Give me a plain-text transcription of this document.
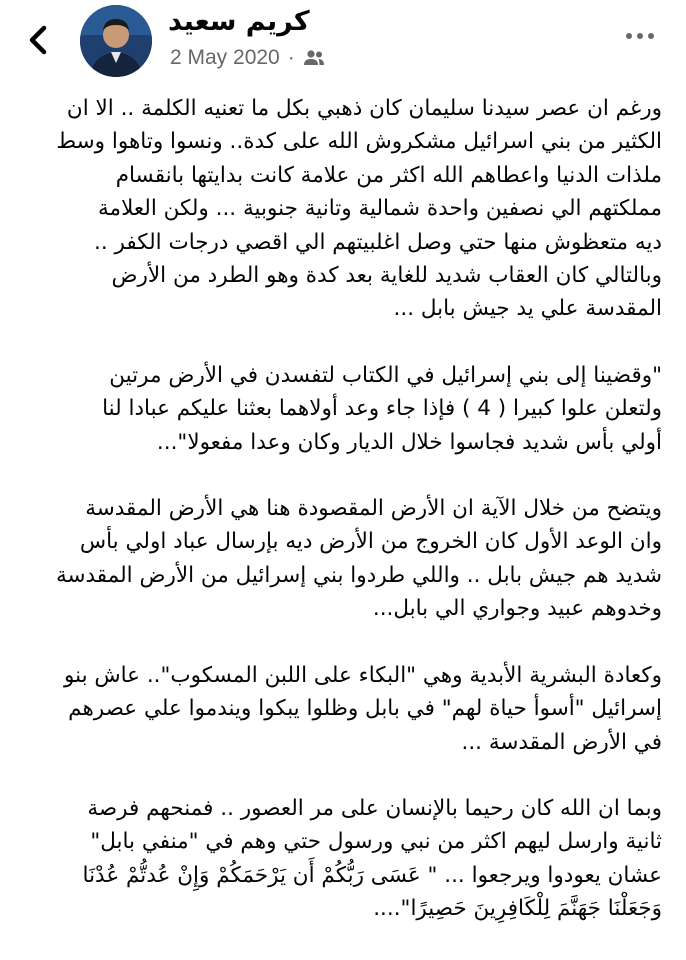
كريم سعيد
2 May 2020 ·

ورغم ان عصر سيدنا سليمان كان ذهبي بكل ما تعنيه الكلمة .. الا ان
الكثير من بني اسرائيل مشكروش الله على كدة.. ونسوا وتاهوا وسط
ملذات الدنيا واعطاهم الله اكثر من علامة كانت بدايتها بانقسام
مملكتهم الي نصفين واحدة شمالية وتانية جنوبية ... ولكن العلامة
ديه متعظوش منها حتي وصل اغلبيتهم الي اقصي درجات الكفر ..
وبالتالي كان العقاب شديد للغاية بعد كدة وهو الطرد من الأرض
المقدسة علي يد جيش بابل ...

"وقضينا إلى بني إسرائيل في الكتاب لتفسدن في الأرض مرتين
ولتعلن علوا كبيرا ( 4 ) فإذا جاء وعد أولاهما بعثنا عليكم عبادا لنا
أولي بأس شديد فجاسوا خلال الديار وكان وعدا مفعولا"...

ويتضح من خلال الآية ان الأرض المقصودة هنا هي الأرض المقدسة
وان الوعد الأول كان الخروج من الأرض ديه بإرسال عباد اولي بأس
شديد هم جيش بابل .. واللي طردوا بني إسرائيل من الأرض المقدسة
وخدوهم عبيد وجواري الي بابل...

وكعادة البشرية الأبدية وهي "البكاء على اللبن المسكوب".. عاش بنو
إسرائيل "أسوأ حياة لهم" في بابل وظلوا يبكوا ويندموا علي عصرهم
في الأرض المقدسة ...

وبما ان الله كان رحيما بالإنسان على مر العصور .. فمنحهم فرصة
ثانية وارسل ليهم اكثر من نبي ورسول حتي وهم في "منفي بابل"
عشان يعودوا ويرجعوا ... " عَسَى رَبُّكُمْ أَن يَرْحَمَكُمْ وَإِنْ عُدتُّمْ عُدْنَا
وَجَعَلْنَا جَهَنَّمَ لِلْكَافِرِينَ حَصِيرًا"....
